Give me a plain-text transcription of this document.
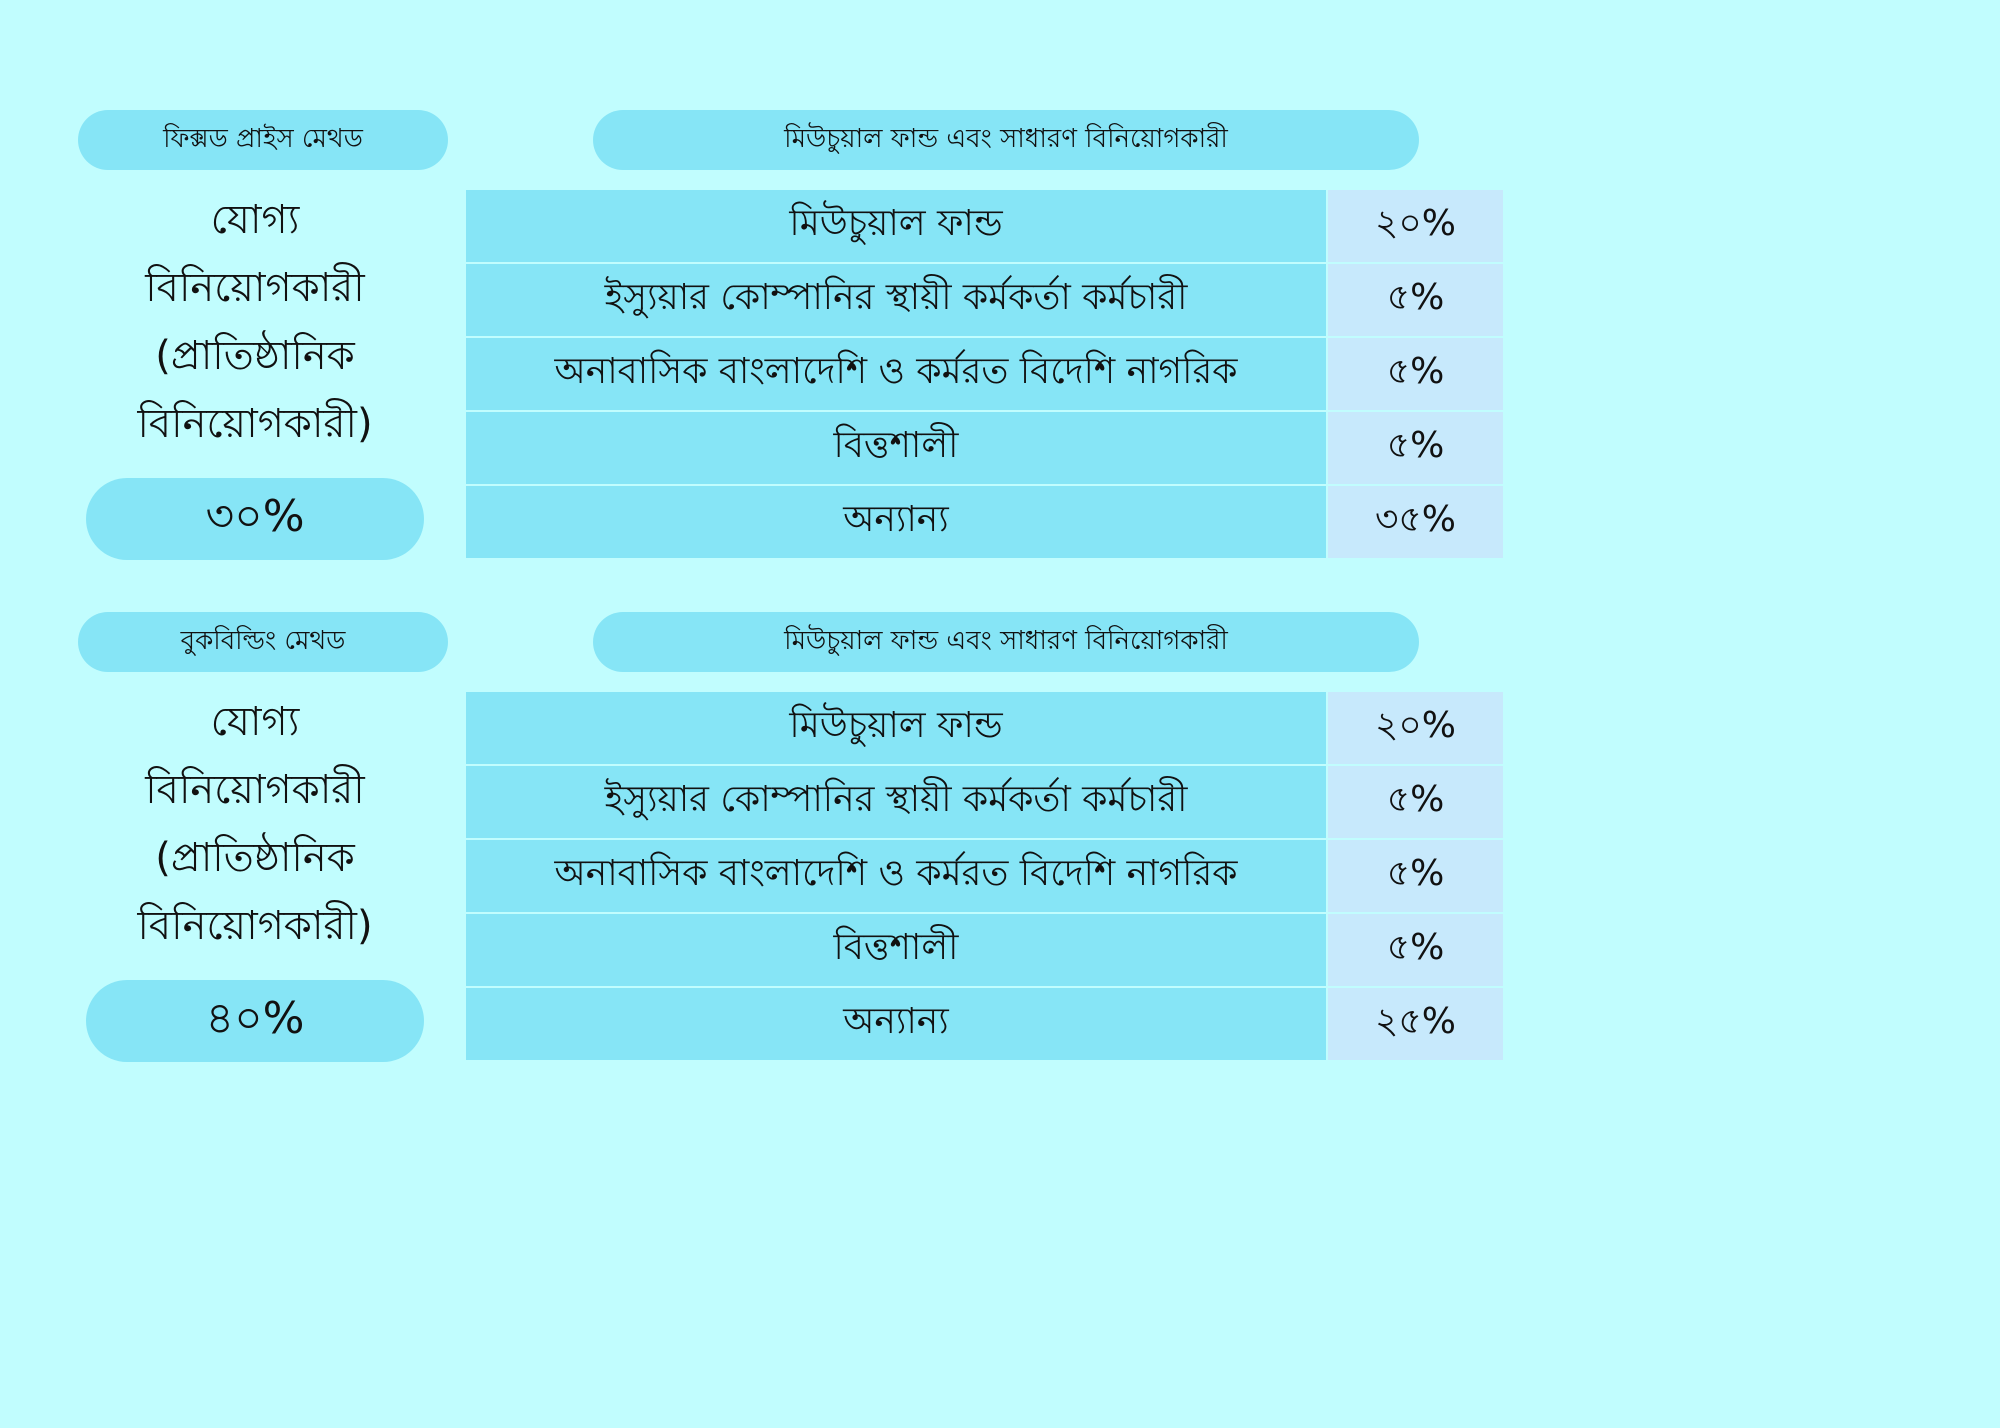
ফিক্সড প্রাইস মেথড	মিউচুয়াল ফান্ড এবং সাধারণ বিনিয়োগকারী
যোগ্য
বিনিয়োগকারী
(প্রাতিষ্ঠানিক
বিনিয়োগকারী)
৩০%
মিউচুয়াল ফান্ড	২০%
ইস্যুয়ার কোম্পানির স্থায়ী কর্মকর্তা কর্মচারী	৫%
অনাবাসিক বাংলাদেশি ও কর্মরত বিদেশি নাগরিক	৫%
বিত্তশালী	৫%
অন্যান্য	৩৫%
বুকবিল্ডিং মেথড	মিউচুয়াল ফান্ড এবং সাধারণ বিনিয়োগকারী
যোগ্য
বিনিয়োগকারী
(প্রাতিষ্ঠানিক
বিনিয়োগকারী)
৪০%
মিউচুয়াল ফান্ড	২০%
ইস্যুয়ার কোম্পানির স্থায়ী কর্মকর্তা কর্মচারী	৫%
অনাবাসিক বাংলাদেশি ও কর্মরত বিদেশি নাগরিক	৫%
বিত্তশালী	৫%
অন্যান্য	২৫%
